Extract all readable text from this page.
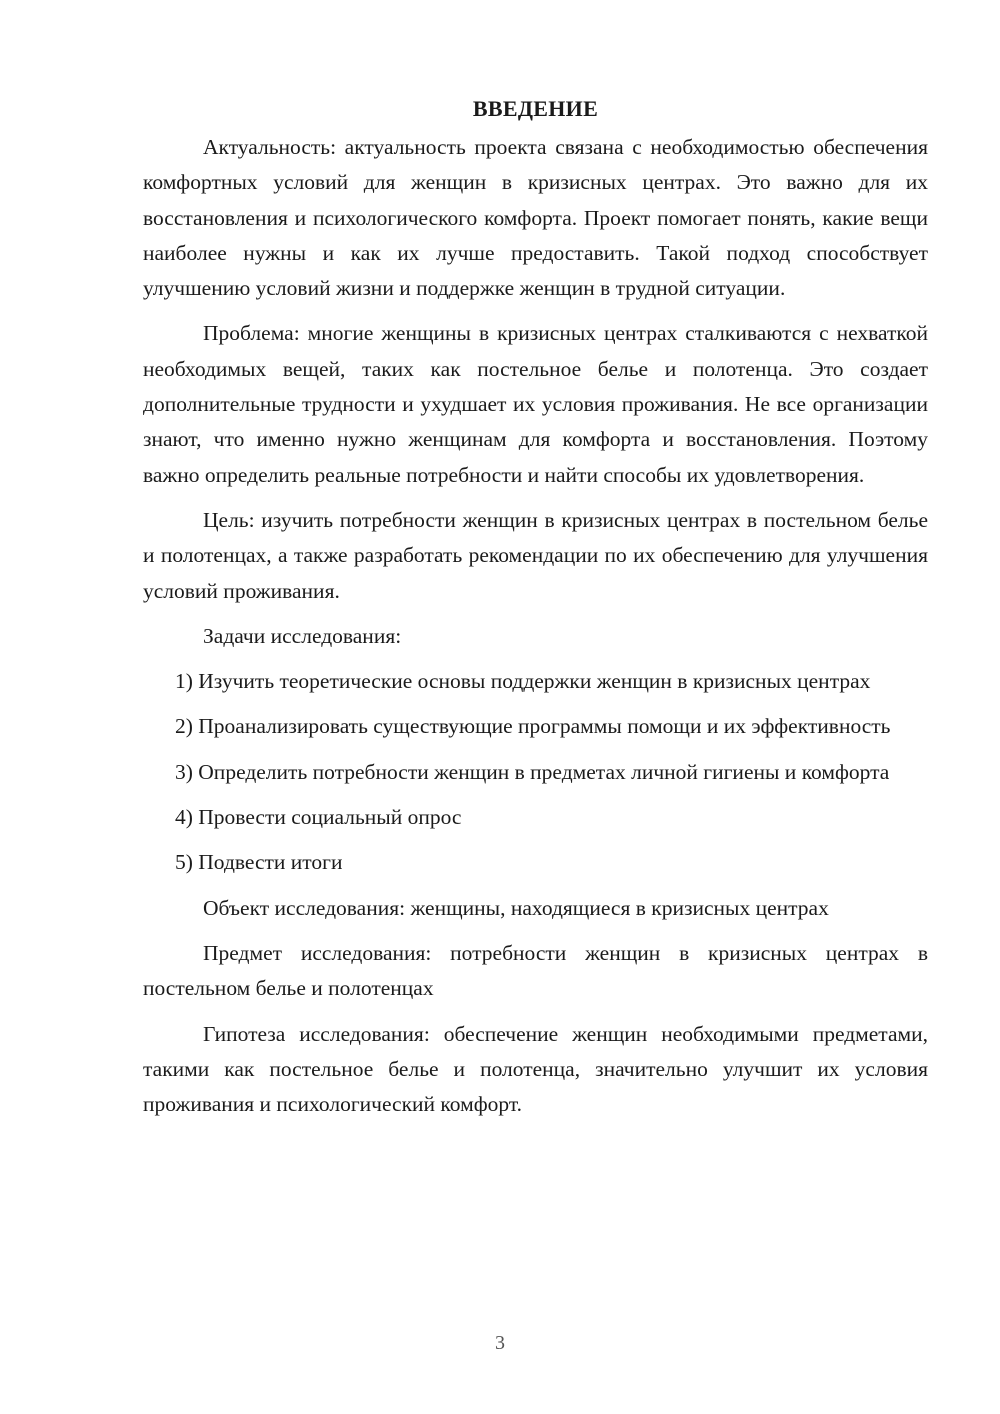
ВВЕДЕНИЕ

Актуальность: актуальность проекта связана с необходимостью обеспечения комфортных условий для женщин в кризисных центрах. Это важно для их восстановления и психологического комфорта. Проект помогает понять, какие вещи наиболее нужны и как их лучше предоставить. Такой подход способствует улучшению условий жизни и поддержке женщин в трудной ситуации.

Проблема: многие женщины в кризисных центрах сталкиваются с нехваткой необходимых вещей, таких как постельное белье и полотенца. Это создает дополнительные трудности и ухудшает их условия проживания. Не все организации знают, что именно нужно женщинам для комфорта и восстановления. Поэтому важно определить реальные потребности и найти способы их удовлетворения.

Цель: изучить потребности женщин в кризисных центрах в постельном белье и полотенцах, а также разработать рекомендации по их обеспечению для улучшения условий проживания.

Задачи исследования:

1) Изучить теоретические основы поддержки женщин в кризисных центрах

2) Проанализировать существующие программы помощи и их эффективность

3) Определить потребности женщин в предметах личной гигиены и комфорта

4) Провести социальный опрос

5) Подвести итоги

Объект исследования: женщины, находящиеся в кризисных центрах

Предмет исследования: потребности женщин в кризисных центрах в постельном белье и полотенцах

Гипотеза исследования: обеспечение женщин необходимыми предметами, такими как постельное белье и полотенца, значительно улучшит их условия проживания и психологический комфорт.

3
